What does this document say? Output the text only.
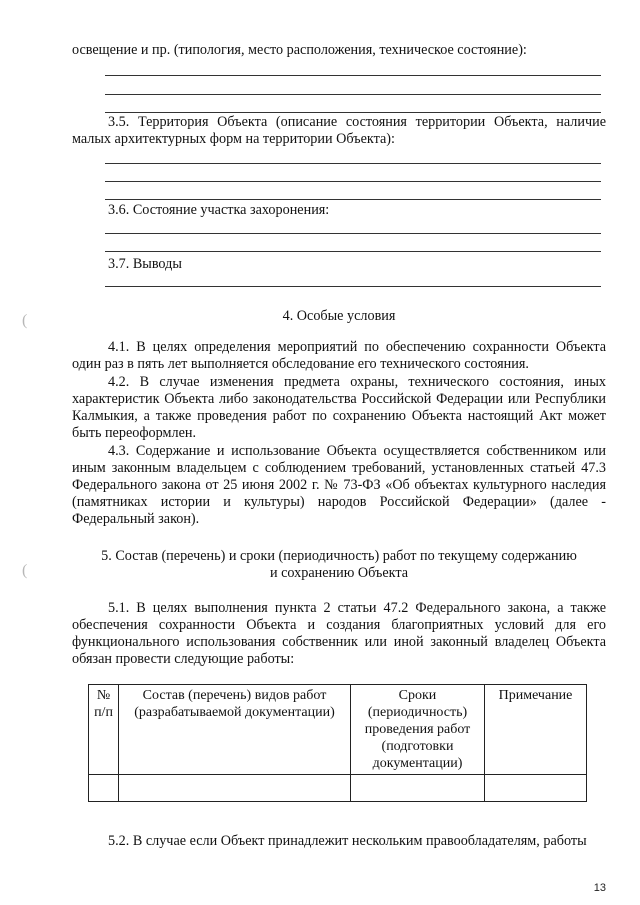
освещение и пр. (типология, место расположения, техническое состояние):

3.5. Территория Объекта (описание состояния территории Объекта, наличие малых архитектурных форм на территории Объекта):

3.6. Состояние участка захоронения:

3.7. Выводы

4. Особые условия

4.1. В целях определения мероприятий по обеспечению сохранности Объекта один раз в пять лет выполняется обследование его технического состояния.

4.2. В случае изменения предмета охраны, технического состояния, иных характеристик Объекта либо законодательства Российской Федерации или Республики Калмыкия, а также проведения работ по сохранению Объекта настоящий Акт может быть переоформлен.

4.3. Содержание и использование Объекта осуществляется собственником или иным законным владельцем с соблюдением требований, установленных статьей 47.3 Федерального закона от 25 июня 2002 г. № 73-ФЗ «Об объектах культурного наследия (памятниках истории и культуры) народов Российской Федерации» (далее - Федеральный закон).

5. Состав (перечень) и сроки (периодичность) работ по текущему содержанию
и сохранению Объекта

5.1. В целях выполнения пункта 2 статьи 47.2 Федерального закона, а также обеспечения сохранности Объекта и создания благоприятных условий для его функционального использования собственник или иной законный владелец Объекта обязан провести следующие работы:

№ п/п	Состав (перечень) видов работ (разрабатываемой документации)	Сроки (периодичность) проведения работ (подготовки документации)	Примечание

5.2. В случае если Объект принадлежит нескольким правообладателям, работы

13
(
(
